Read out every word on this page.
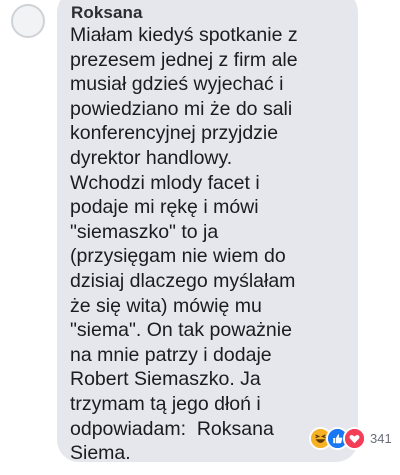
Roksana

Miałam kiedyś spotkanie z
prezesem jednej z firm ale
musiał gdzieś wyjechać i
powiedziano mi że do sali
konferencyjnej przyjdzie
dyrektor handlowy.
Wchodzi mlody facet i
podaje mi rękę i mówi
"siemaszko" to ja
(przysięgam nie wiem do
dzisiaj dlaczego myślałam
że się wita) mówię mu
"siema". On tak poważnie
na mnie patrzy i dodaje
Robert Siemaszko. Ja
trzymam tą jego dłoń i
odpowiadam:  Roksana
Siema.

341
